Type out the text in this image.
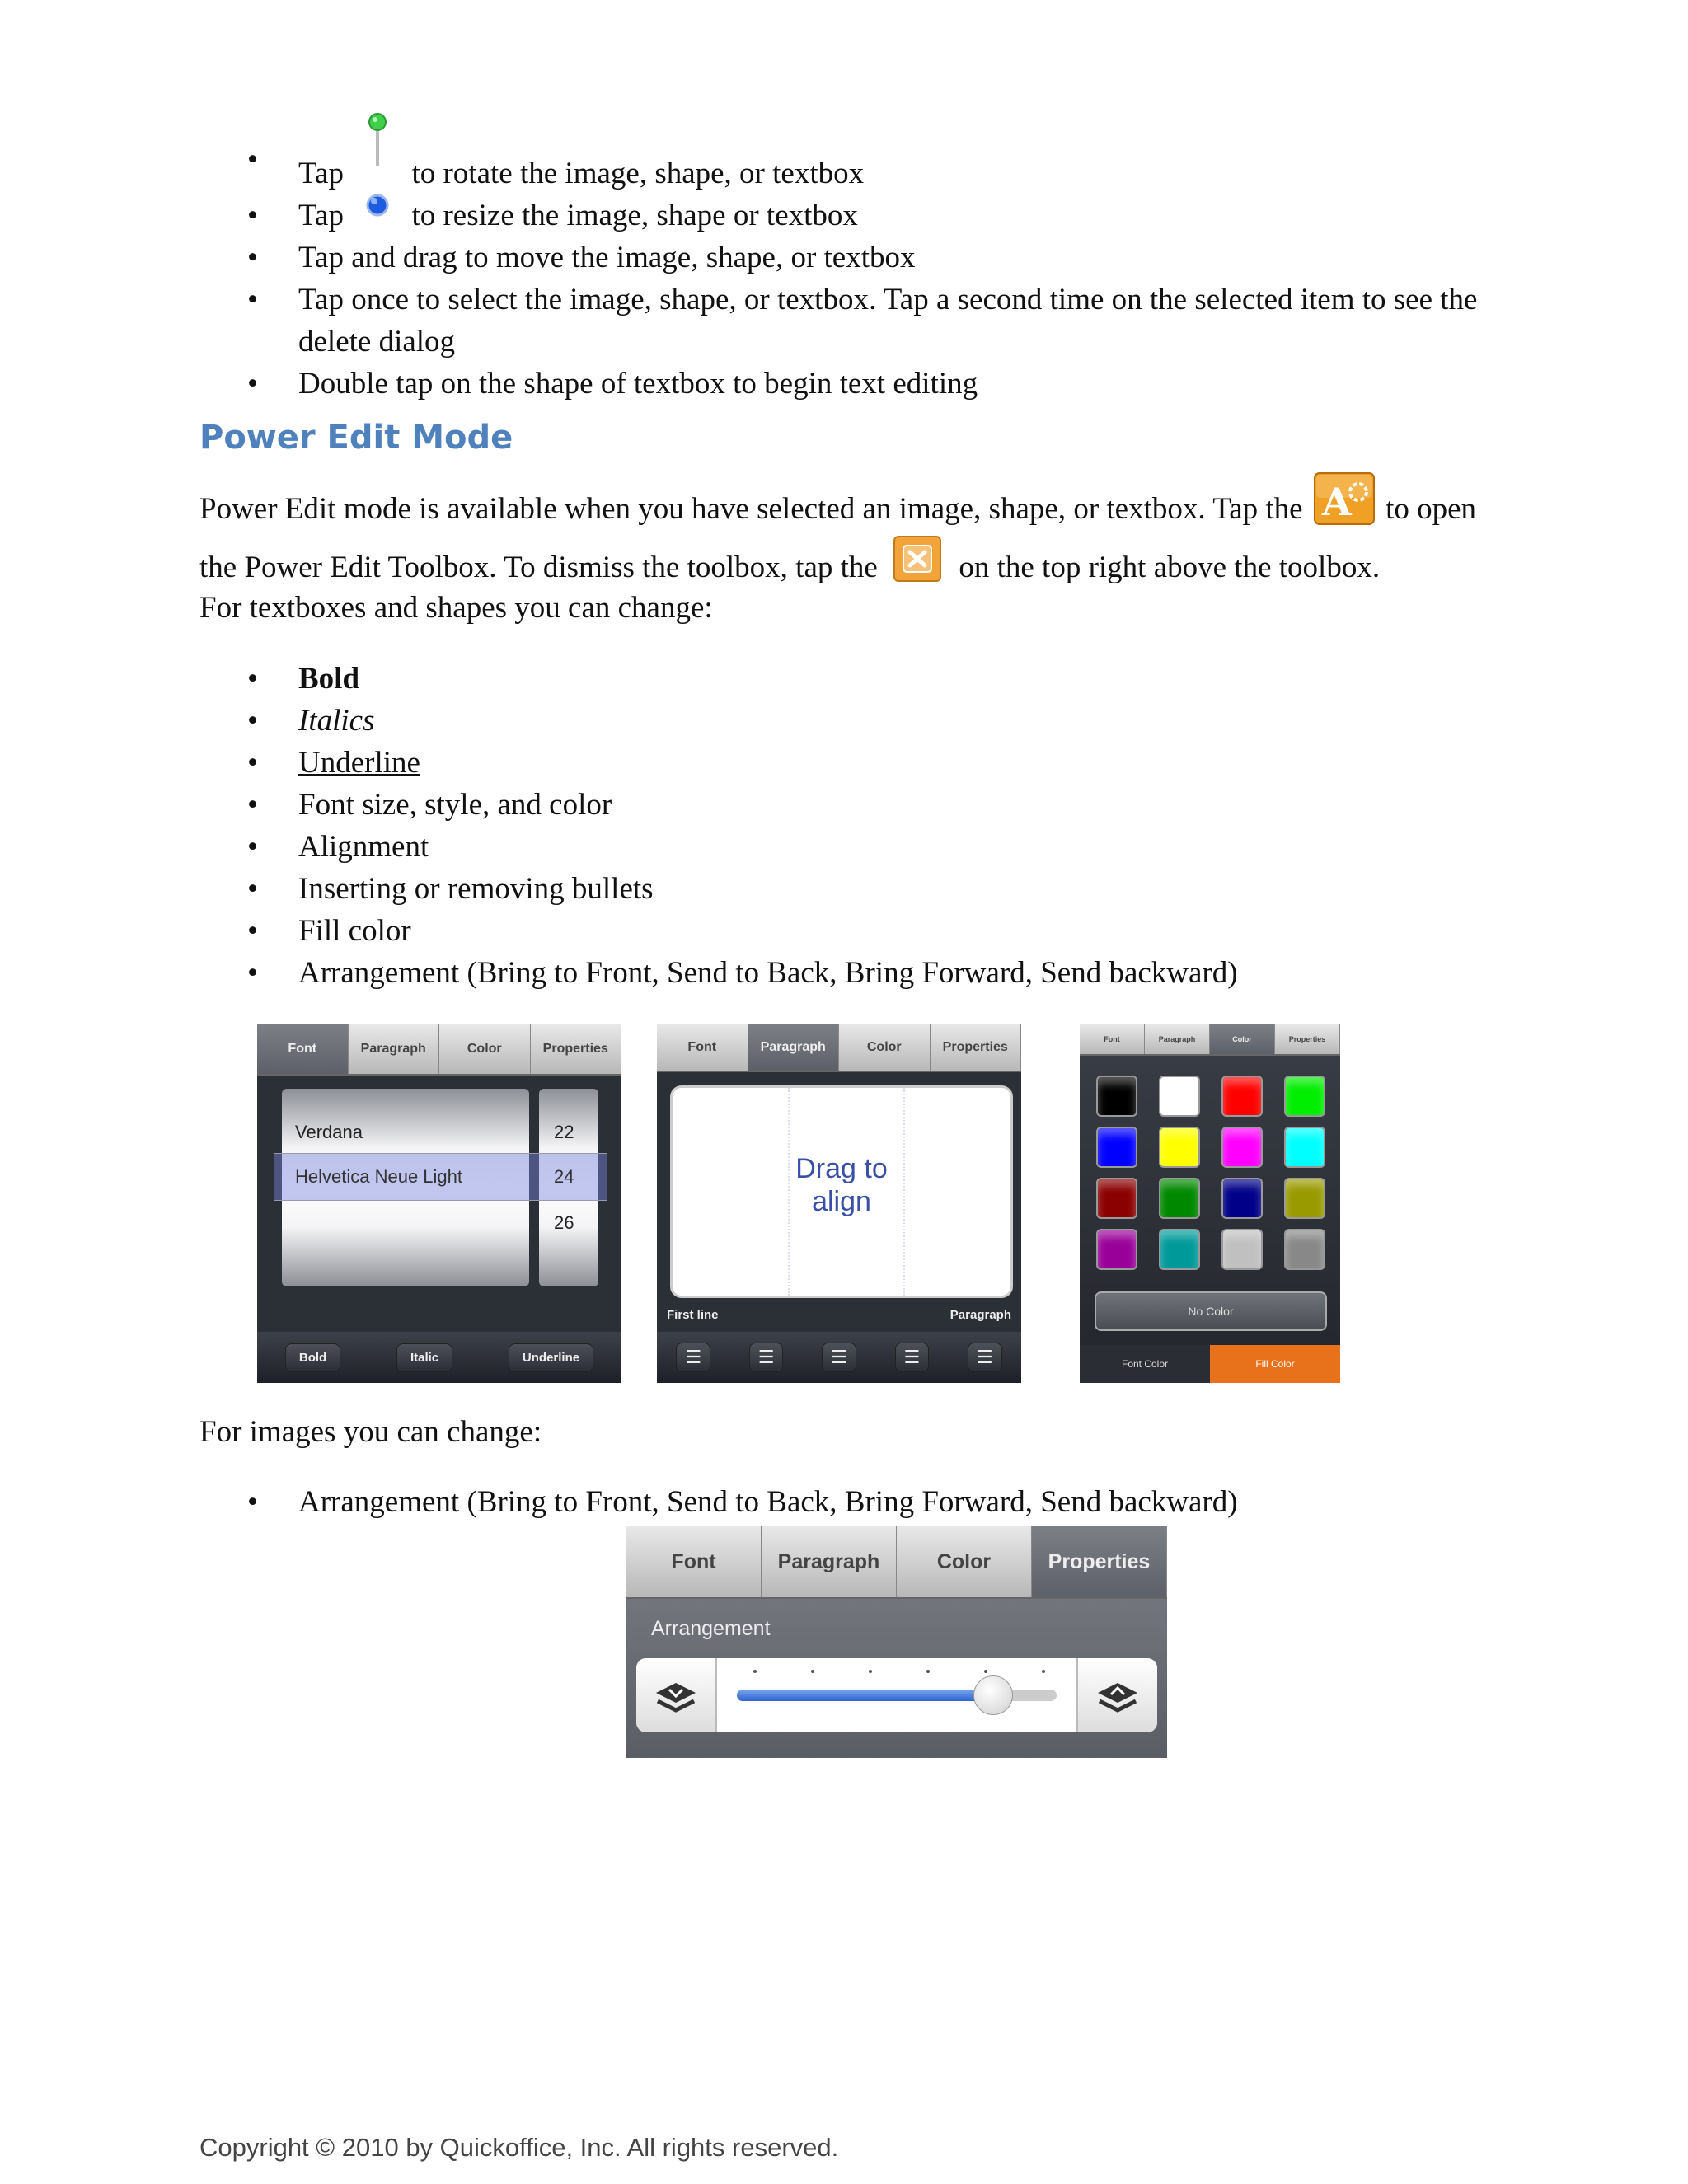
• Tap to rotate the image, shape, or textbox
• Tap to resize the image, shape or textbox
• Tap and drag to move the image, shape, or textbox
• Tap once to select the image, shape, or textbox. Tap a second time on the selected item to see the
delete dialog
• Double tap on the shape of textbox to begin text editing
Power Edit Mode
Power Edit mode is available when you have selected an image, shape, or textbox. Tap the A to open
the Power Edit Toolbox. To dismiss the toolbox, tap the	on the top right above the toolbox.
For textboxes and shapes you can change:
• Bold
• Italics
• Underline
• Font size, style, and color
• Alignment
• Inserting or removing bullets
• Fill color
• Arrangement (Bring to Front, Send to Back, Bring Forward, Send backward)
Font	Paragraph	Color	Properties
Verdana
Helvetica Neue Light
22
24
26
Bold	Italic	Underline
Font	Paragraph	Color	Properties
Drag to align
First line	Paragraph
☰	☰	☰	☰	☰
Font	Paragraph	Color	Properties
No Color
Font Color	Fill Color
For images you can change:
• Arrangement (Bring to Front, Send to Back, Bring Forward, Send backward)
Font	Paragraph	Color	Properties
Arrangement
Copyright © 2010 by Quickoffice, Inc. All rights reserved.
